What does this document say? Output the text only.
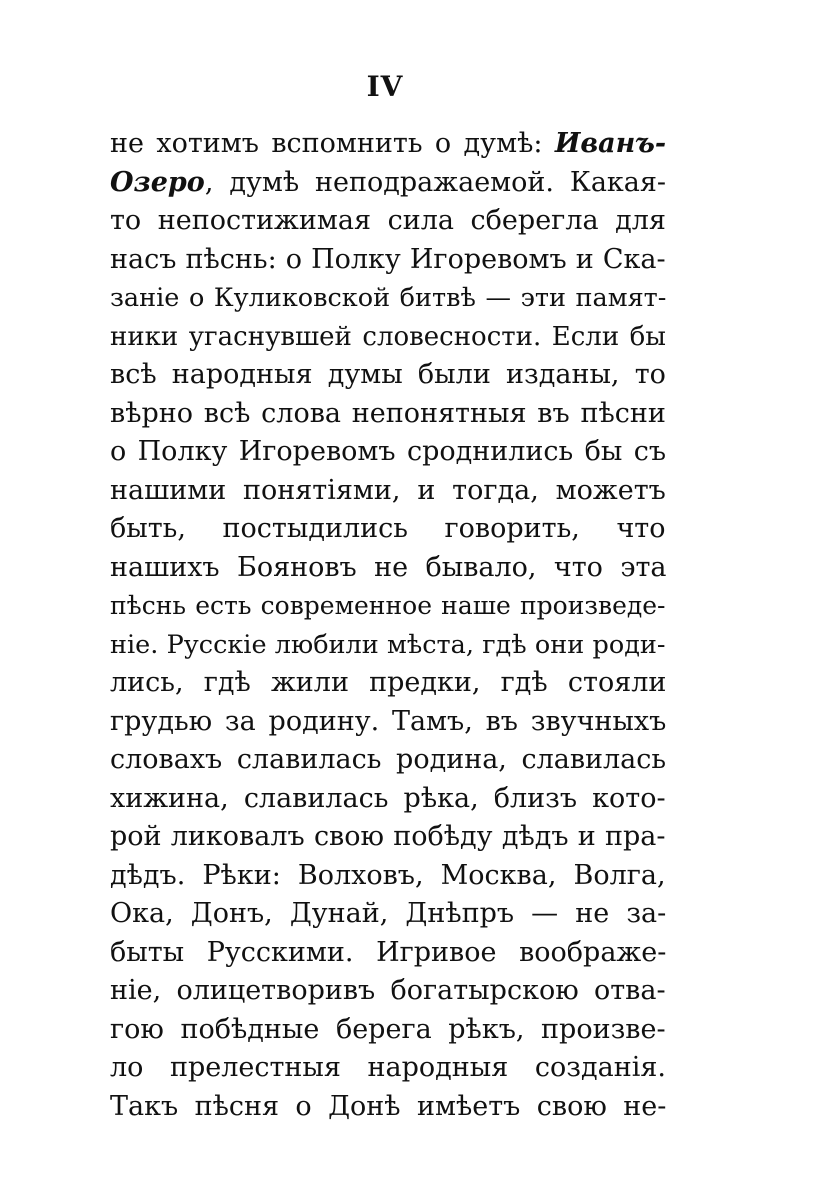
IV
не хотимъ вспомнить о думѣ: Иванъ-
Озеро, думѣ неподражаемой. Какая-
то непостижимая сила сберегла для
насъ пѣснь: о Полку Игоревомъ и Ска-
заніе о Куликовской битвѣ — эти памят-
ники угаснувшей словесности. Если бы
всѣ народныя думы были изданы, то
вѣрно всѣ слова непонятныя въ пѣсни
о Полку Игоревомъ сроднились бы съ
нашими понятіями, и тогда, можетъ
быть, постыдились говорить, что
нашихъ Бояновъ не бывало, что эта
пѣснь есть современное наше произведе-
ніе. Русскіе любили мѣста, гдѣ они роди-
лись, гдѣ жили предки, гдѣ стояли
грудью за родину. Тамъ, въ звучныхъ
словахъ славилась родина, славилась
хижина, славилась рѣка, близъ кото-
рой ликовалъ свою побѣду дѣдъ и пра-
дѣдъ. Рѣки: Волховъ, Москва, Волга,
Ока, Донъ, Дунай, Днѣпръ — не за-
быты Русскими. Игривое воображе-
ніе, олицетворивъ богатырскою отва-
гою побѣдные берега рѣкъ, произве-
ло прелестныя народныя созданія.
Такъ пѣсня о Донѣ имѣетъ свою не-
